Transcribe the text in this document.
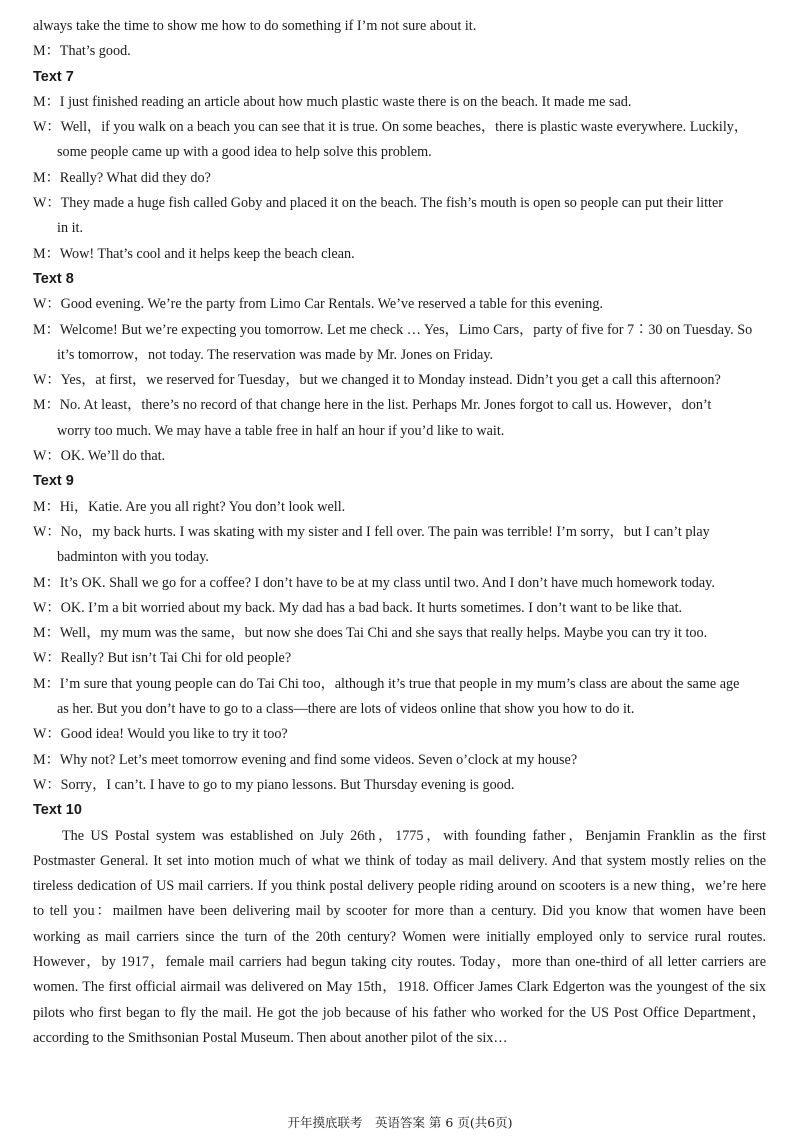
always take the time to show me how to do something if I’m not sure about it.
M：That’s good.
Text 7
M：I just finished reading an article about how much plastic waste there is on the beach. It made me sad.
W：Well，if you walk on a beach you can see that it is true. On some beaches，there is plastic waste everywhere. Luckily，
some people came up with a good idea to help solve this problem.
M：Really? What did they do?
W：They made a huge fish called Goby and placed it on the beach. The fish’s mouth is open so people can put their litter
in it.
M：Wow! That’s cool and it helps keep the beach clean.
Text 8
W：Good evening. We’re the party from Limo Car Rentals. We’ve reserved a table for this evening.
M：Welcome! But we’re expecting you tomorrow. Let me check … Yes，Limo Cars，party of five for 7∶30 on Tuesday. So
it’s tomorrow，not today. The reservation was made by Mr. Jones on Friday.
W：Yes，at first，we reserved for Tuesday，but we changed it to Monday instead. Didn’t you get a call this afternoon?
M：No. At least，there’s no record of that change here in the list. Perhaps Mr. Jones forgot to call us. However，don’t
worry too much. We may have a table free in half an hour if you’d like to wait.
W：OK. We’ll do that.
Text 9
M：Hi，Katie. Are you all right? You don’t look well.
W：No，my back hurts. I was skating with my sister and I fell over. The pain was terrible! I’m sorry，but I can’t play
badminton with you today.
M：It’s OK. Shall we go for a coffee? I don’t have to be at my class until two. And I don’t have much homework today.
W：OK. I’m a bit worried about my back. My dad has a bad back. It hurts sometimes. I don’t want to be like that.
M：Well，my mum was the same，but now she does Tai Chi and she says that really helps. Maybe you can try it too.
W：Really? But isn’t Tai Chi for old people?
M：I’m sure that young people can do Tai Chi too，although it’s true that people in my mum’s class are about the same age
as her. But you don’t have to go to a class—there are lots of videos online that show you how to do it.
W：Good idea! Would you like to try it too?
M：Why not? Let’s meet tomorrow evening and find some videos. Seven o’clock at my house?
W：Sorry，I can’t. I have to go to my piano lessons. But Thursday evening is good.
Text 10
The US Postal system was established on July 26th，1775，with founding father，Benjamin Franklin as the first Postmaster General. It set into motion much of what we think of today as mail delivery. And that system mostly relies on the tireless dedication of US mail carriers. If you think postal delivery people riding around on scooters is a new thing，we’re here to tell you：mailmen have been delivering mail by scooter for more than a century. Did you know that women have been working as mail carriers since the turn of the 20th century? Women were initially employed only to service rural routes. However，by 1917，female mail carriers had begun taking city routes. Today，more than one-third of all letter carriers are women. The first official airmail was delivered on May 15th，1918. Officer James Clark Edgerton was the youngest of the six pilots who first began to fly the mail. He got the job because of his father who worked for the US Post Office Department，according to the Smithsonian Postal Museum. Then about another pilot of the six…
开年摸底联考　英语答案 第 6 页(共6页)
